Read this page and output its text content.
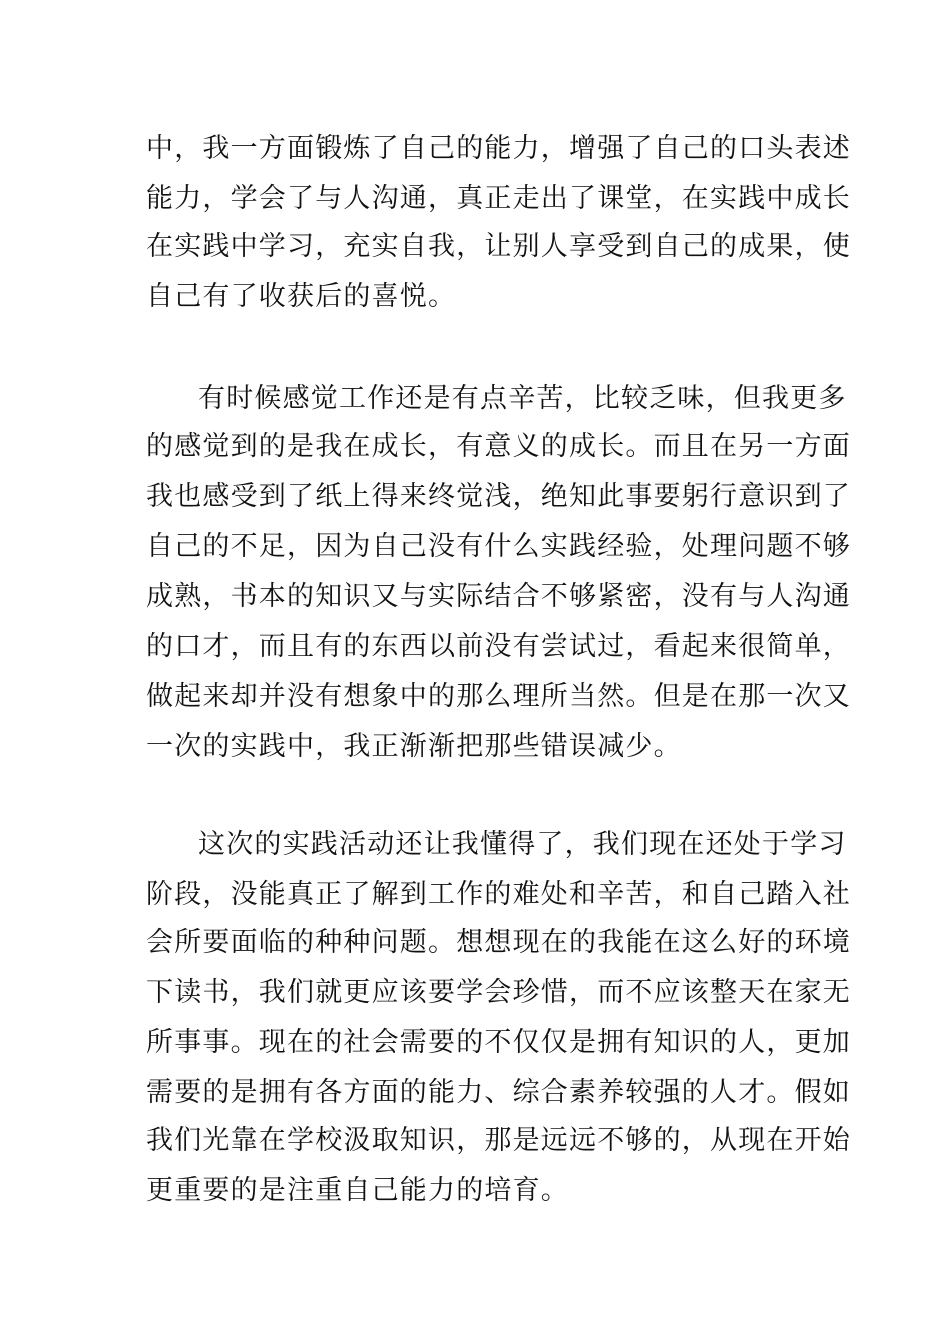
中，我一方面锻炼了自己的能力，增强了自己的口头表述
能力，学会了与人沟通，真正走出了课堂，在实践中成长
在实践中学习，充实自我，让别人享受到自己的成果，使
自己有了收获后的喜悦。
有时候感觉工作还是有点辛苦，比较乏味，但我更多
的感觉到的是我在成长，有意义的成长。而且在另一方面
我也感受到了纸上得来终觉浅，绝知此事要躬行意识到了
自己的不足，因为自己没有什么实践经验，处理问题不够
成熟，书本的知识又与实际结合不够紧密，没有与人沟通
的口才，而且有的东西以前没有尝试过，看起来很简单，
做起来却并没有想象中的那么理所当然。但是在那一次又
一次的实践中，我正渐渐把那些错误减少。
这次的实践活动还让我懂得了，我们现在还处于学习
阶段，没能真正了解到工作的难处和辛苦，和自己踏入社
会所要面临的种种问题。想想现在的我能在这么好的环境
下读书，我们就更应该要学会珍惜，而不应该整天在家无
所事事。现在的社会需要的不仅仅是拥有知识的人，更加
需要的是拥有各方面的能力、综合素养较强的人才。假如
我们光靠在学校汲取知识，那是远远不够的，从现在开始
更重要的是注重自己能力的培育。
